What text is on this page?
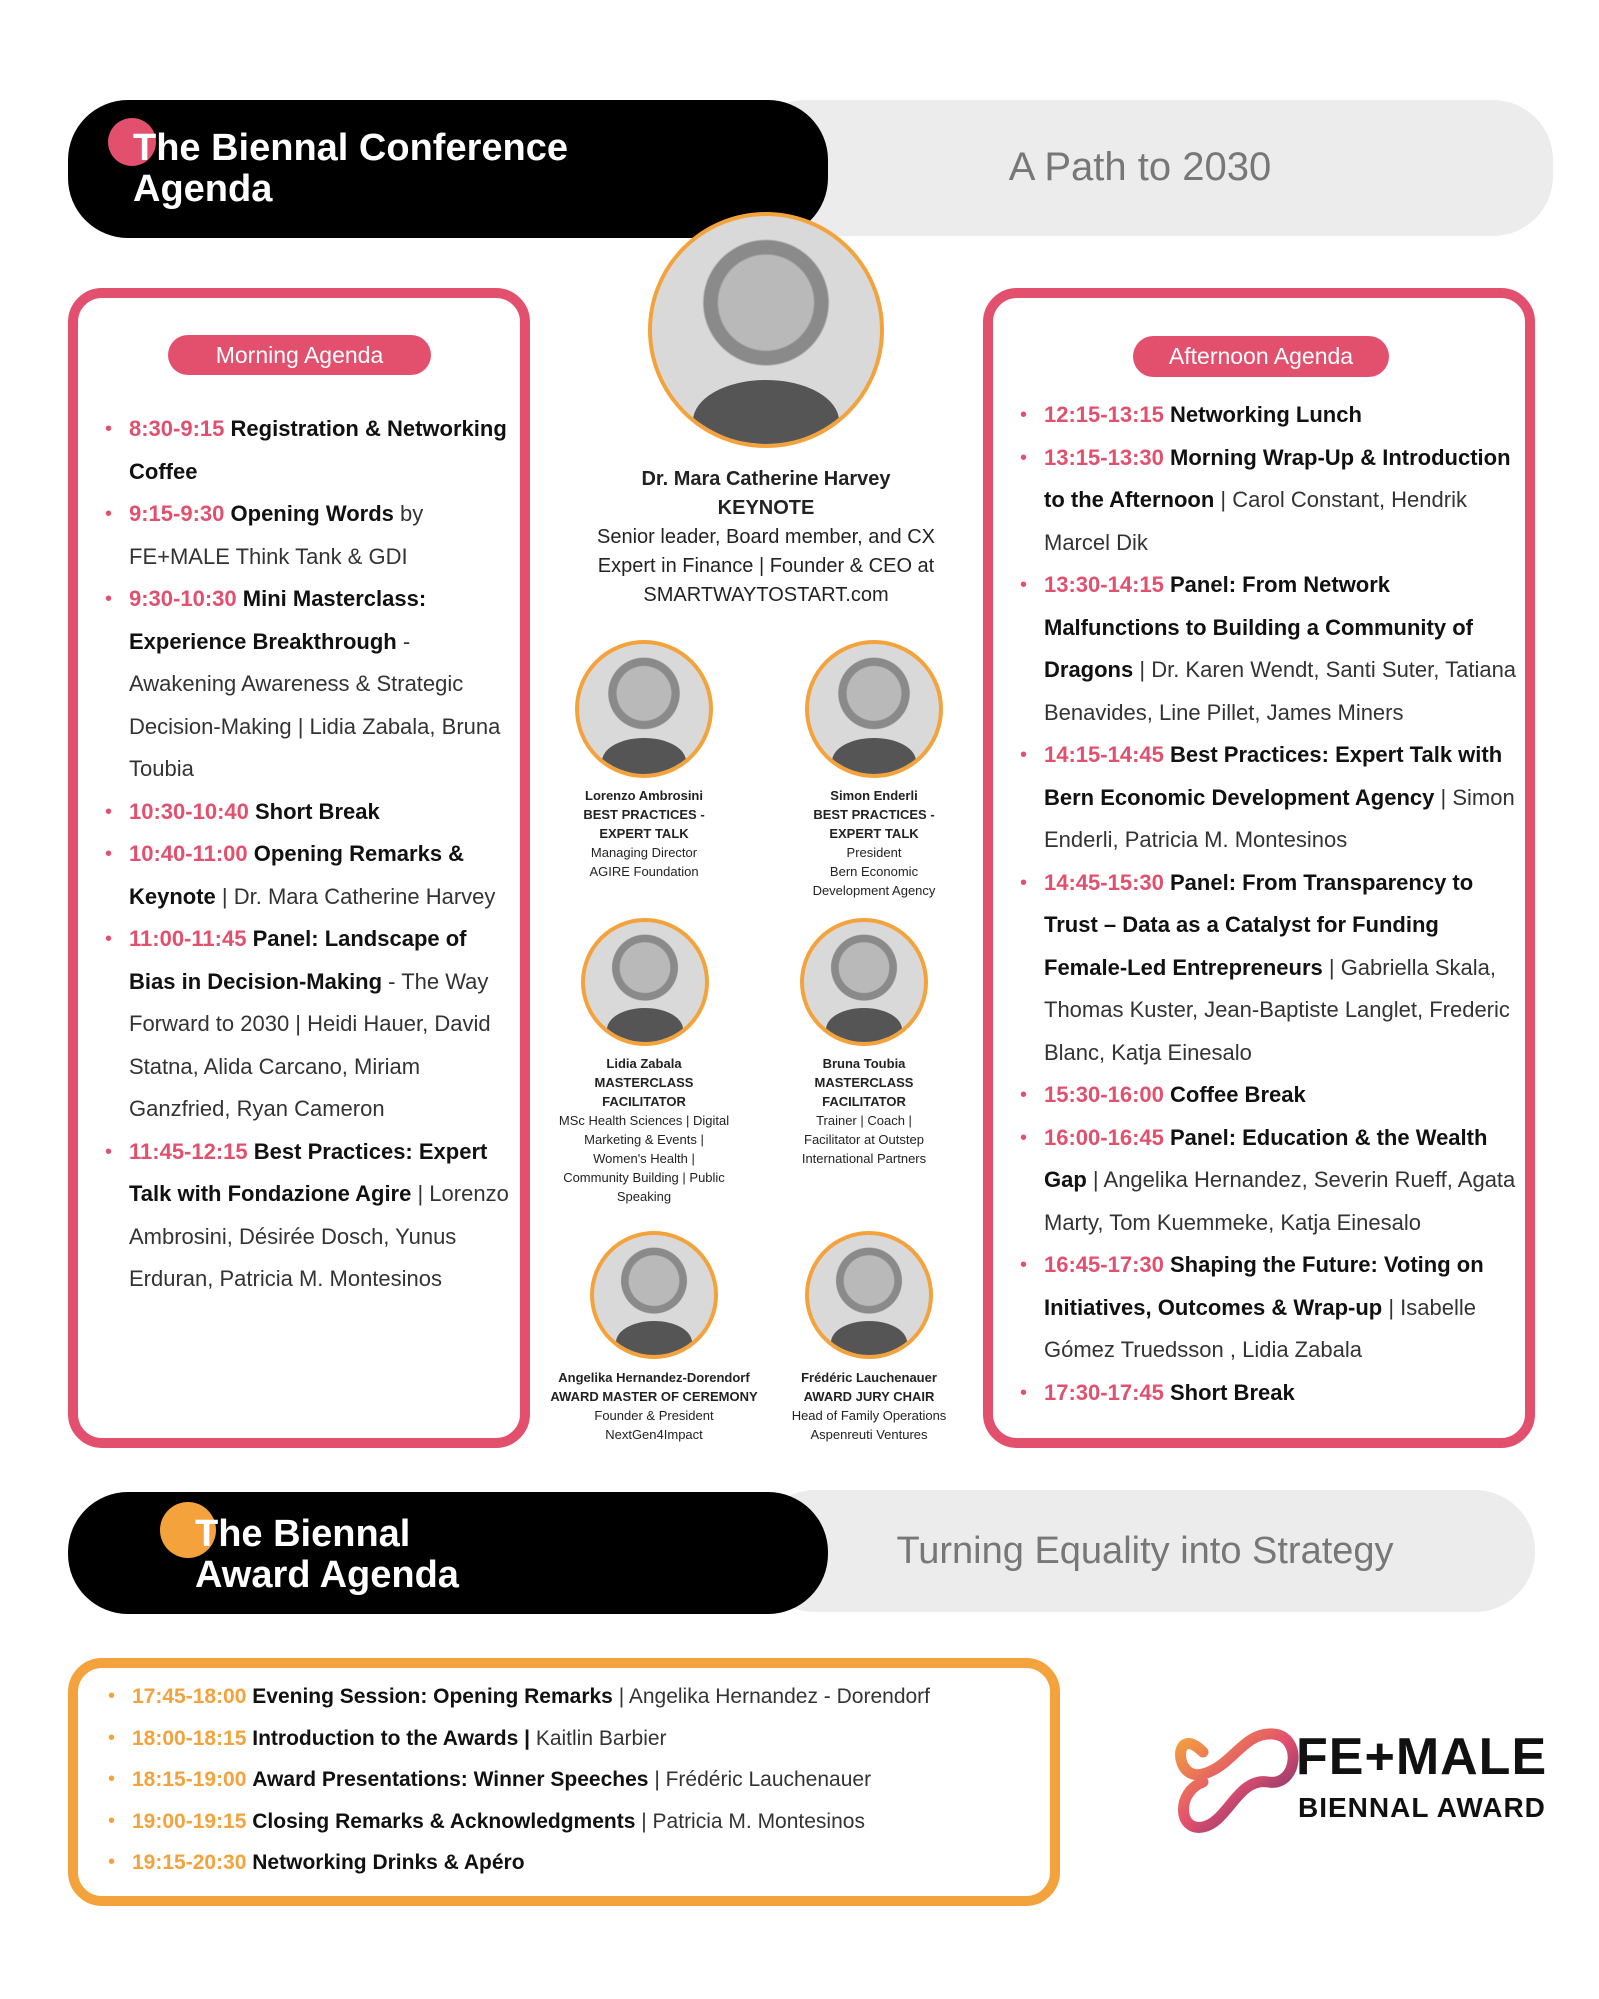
A Path to 2030
The Biennal Conference
Agenda
Morning Agenda
• 8:30-9:15 Registration & Networking Coffee
• 9:15-9:30 Opening Words by FE+MALE Think Tank & GDI
• 9:30-10:30 Mini Masterclass: Experience Breakthrough - Awakening Awareness & Strategic Decision-Making | Lidia Zabala, Bruna Toubia
• 10:30-10:40 Short Break
• 10:40-11:00 Opening Remarks & Keynote | Dr. Mara Catherine Harvey
• 11:00-11:45 Panel: Landscape of Bias in Decision-Making - The Way Forward to 2030 | Heidi Hauer, David Statna, Alida Carcano, Miriam Ganzfried, Ryan Cameron
• 11:45-12:15 Best Practices: Expert Talk with Fondazione Agire | Lorenzo Ambrosini, Désirée Dosch, Yunus Erduran, Patricia M. Montesinos
Afternoon Agenda
• 12:15-13:15 Networking Lunch
• 13:15-13:30 Morning Wrap-Up & Introduction to the Afternoon | Carol Constant, Hendrik Marcel Dik
• 13:30-14:15 Panel: From Network Malfunctions to Building a Community of Dragons | Dr. Karen Wendt, Santi Suter, Tatiana Benavides, Line Pillet, James Miners
• 14:15-14:45 Best Practices: Expert Talk with Bern Economic Development Agency | Simon Enderli, Patricia M. Montesinos
• 14:45-15:30 Panel: From Transparency to Trust – Data as a Catalyst for Funding Female-Led Entrepreneurs | Gabriella Skala, Thomas Kuster, Jean-Baptiste Langlet, Frederic Blanc, Katja Einesalo
• 15:30-16:00 Coffee Break
• 16:00-16:45 Panel: Education & the Wealth Gap | Angelika Hernandez, Severin Rueff, Agata Marty, Tom Kuemmeke, Katja Einesalo
• 16:45-17:30 Shaping the Future: Voting on Initiatives, Outcomes & Wrap-up | Isabelle Gómez Truedsson , Lidia Zabala
• 17:30-17:45 Short Break
Dr. Mara Catherine Harvey
KEYNOTE
Senior leader, Board member, and CX
Expert in Finance | Founder & CEO at
SMARTWAYTOSTART.com
Lorenzo Ambrosini
BEST PRACTICES -
EXPERT TALK
Managing Director
AGIRE Foundation
Simon Enderli
BEST PRACTICES -
EXPERT TALK
President
Bern Economic
Development Agency
Lidia Zabala
MASTERCLASS
FACILITATOR
MSc Health Sciences | Digital
Marketing & Events |
Women's Health |
Community Building | Public
Speaking
Bruna Toubia
MASTERCLASS
FACILITATOR
Trainer | Coach |
Facilitator at Outstep
International Partners
Angelika Hernandez-Dorendorf
AWARD MASTER OF CEREMONY
Founder & President
NextGen4Impact
Frédéric Lauchenauer
AWARD JURY CHAIR
Head of Family Operations
Aspenreuti Ventures
Turning Equality into Strategy
The Biennal
Award Agenda
• 17:45-18:00 Evening Session: Opening Remarks | Angelika Hernandez - Dorendorf
• 18:00-18:15 Introduction to the Awards | Kaitlin Barbier
• 18:15-19:00 Award Presentations: Winner Speeches | Frédéric Lauchenauer
• 19:00-19:15 Closing Remarks & Acknowledgments | Patricia M. Montesinos
• 19:15-20:30 Networking Drinks & Apéro
FE+MALE
BIENNAL AWARD
